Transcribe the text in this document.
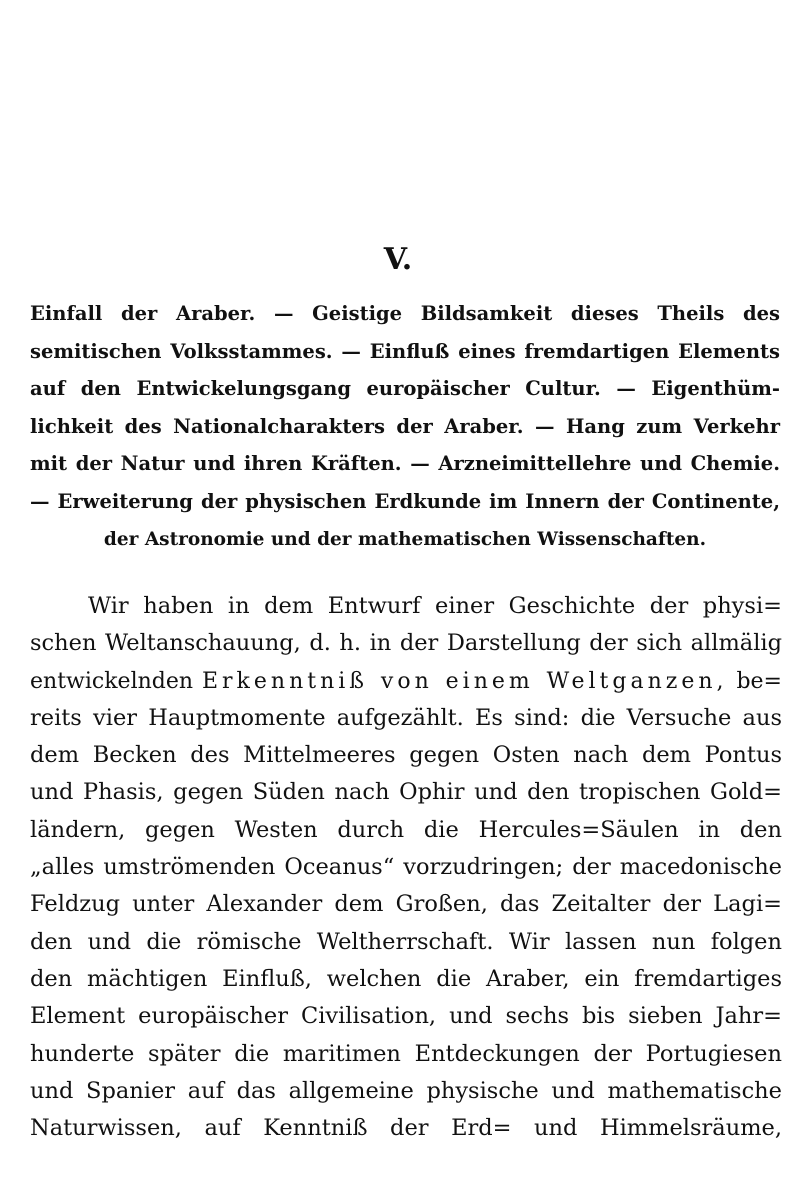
V.
Einfall der Araber. — Geistige Bildsamkeit dieses Theils des
semitischen Volksstammes. — Einfluß eines fremdartigen Elements
auf den Entwickelungsgang europäischer Cultur. — Eigenthüm-
lichkeit des Nationalcharakters der Araber. — Hang zum Verkehr
mit der Natur und ihren Kräften. — Arzneimittellehre und Chemie.
— Erweiterung der physischen Erdkunde im Innern der Continente,
der Astronomie und der mathematischen Wissenschaften.
Wir haben in dem Entwurf einer Geschichte der physi=
schen Weltanschauung, d. h. in der Darstellung der sich allmälig
entwickelnden Erkenntniß von einem Weltganzen, be=
reits vier Hauptmomente aufgezählt. Es sind: die Versuche aus
dem Becken des Mittelmeeres gegen Osten nach dem Pontus
und Phasis, gegen Süden nach Ophir und den tropischen Gold=
ländern, gegen Westen durch die Hercules=Säulen in den
„alles umströmenden Oceanus“ vorzudringen; der macedonische
Feldzug unter Alexander dem Großen, das Zeitalter der Lagi=
den und die römische Weltherrschaft. Wir lassen nun folgen
den mächtigen Einfluß, welchen die Araber, ein fremdartiges
Element europäischer Civilisation, und sechs bis sieben Jahr=
hunderte später die maritimen Entdeckungen der Portugiesen
und Spanier auf das allgemeine physische und mathematische
Naturwissen, auf Kenntniß der Erd= und Himmelsräume,
